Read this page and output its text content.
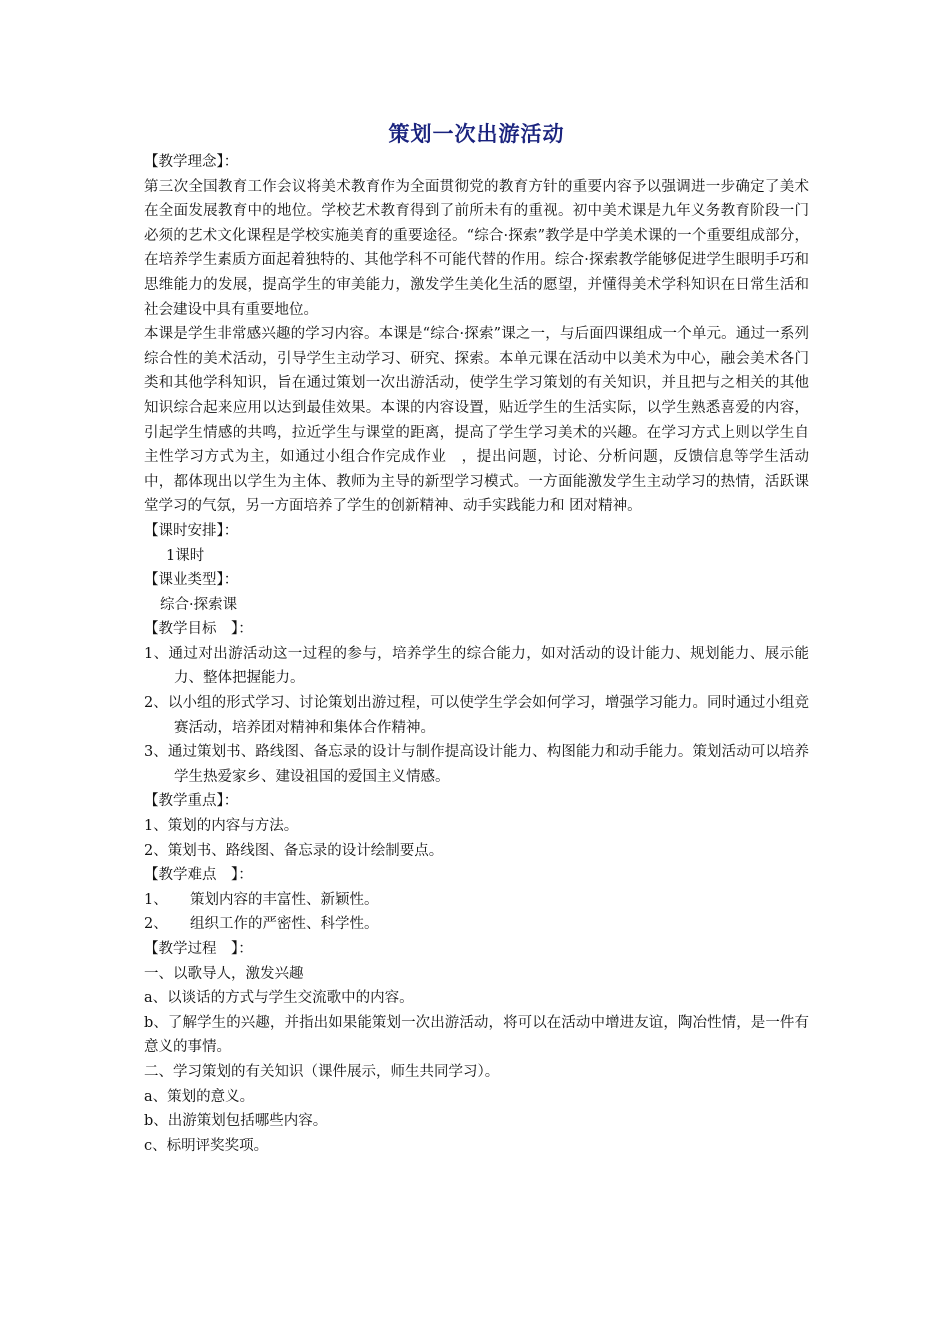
策划一次出游活动
【教学理念】：
第三次全国教育工作会议将美术教育作为全面贯彻党的教育方针的重要内容予以强调进一步确定了美术在全面发展教育中的地位。学校艺术教育得到了前所未有的重视。初中美术课是九年义务教育阶段一门必须的艺术文化课程是学校实施美育的重要途径。“综合·探索”教学是中学美术课的一个重要组成部分，在培养学生素质方面起着独特的、其他学科不可能代替的作用。综合·探索教学能够促进学生眼明手巧和思维能力的发展，提高学生的审美能力，激发学生美化生活的愿望，并懂得美术学科知识在日常生活和社会建设中具有重要地位。
本课是学生非常感兴趣的学习内容。本课是“综合·探索”课之一，与后面四课组成一个单元。通过一系列综合性的美术活动，引导学生主动学习、研究、探索。本单元课在活动中以美术为中心，融会美术各门类和其他学科知识，旨在通过策划一次出游活动，使学生学习策划的有关知识，并且把与之相关的其他知识综合起来应用以达到最佳效果。本课的内容设置，贴近学生的生活实际，以学生熟悉喜爱的内容，引起学生情感的共鸣，拉近学生与课堂的距离，提高了学生学习美术的兴趣。在学习方式上则以学生自主性学习方式为主，如通过小组合作完成作业　，提出问题，讨论、分析问题，反馈信息等学生活动中，都体现出以学生为主体、教师为主导的新型学习模式。一方面能激发学生主动学习的热情，活跃课堂学习的气氛，另一方面培养了学生的创新精神、动手实践能力和 团对精神。
【课时安排】：
1课时
【课业类型】：
综合·探索课
【教学目标　】：
1、通过对出游活动这一过程的参与，培养学生的综合能力，如对活动的设计能力、规划能力、展示能力、整体把握能力。
2、以小组的形式学习、讨论策划出游过程，可以使学生学会如何学习，增强学习能力。同时通过小组竞赛活动，培养团对精神和集体合作精神。
3、通过策划书、路线图、备忘录的设计与制作提高设计能力、构图能力和动手能力。策划活动可以培养学生热爱家乡、建设祖国的爱国主义情感。
【教学重点】：
1、策划的内容与方法。
2、策划书、路线图、备忘录的设计绘制要点。
【教学难点　】：
1、 策划内容的丰富性、新颖性。
2、 组织工作的严密性、科学性。
【教学过程　】：
一、以歌导人，激发兴趣
a、以谈话的方式与学生交流歌中的内容。
b、了解学生的兴趣，并指出如果能策划一次出游活动，将可以在活动中增进友谊，陶冶性情，是一件有意义的事情。
二、学习策划的有关知识（课件展示，师生共同学习）。
a、策划的意义。
b、出游策划包括哪些内容。
c、标明评奖奖项。
